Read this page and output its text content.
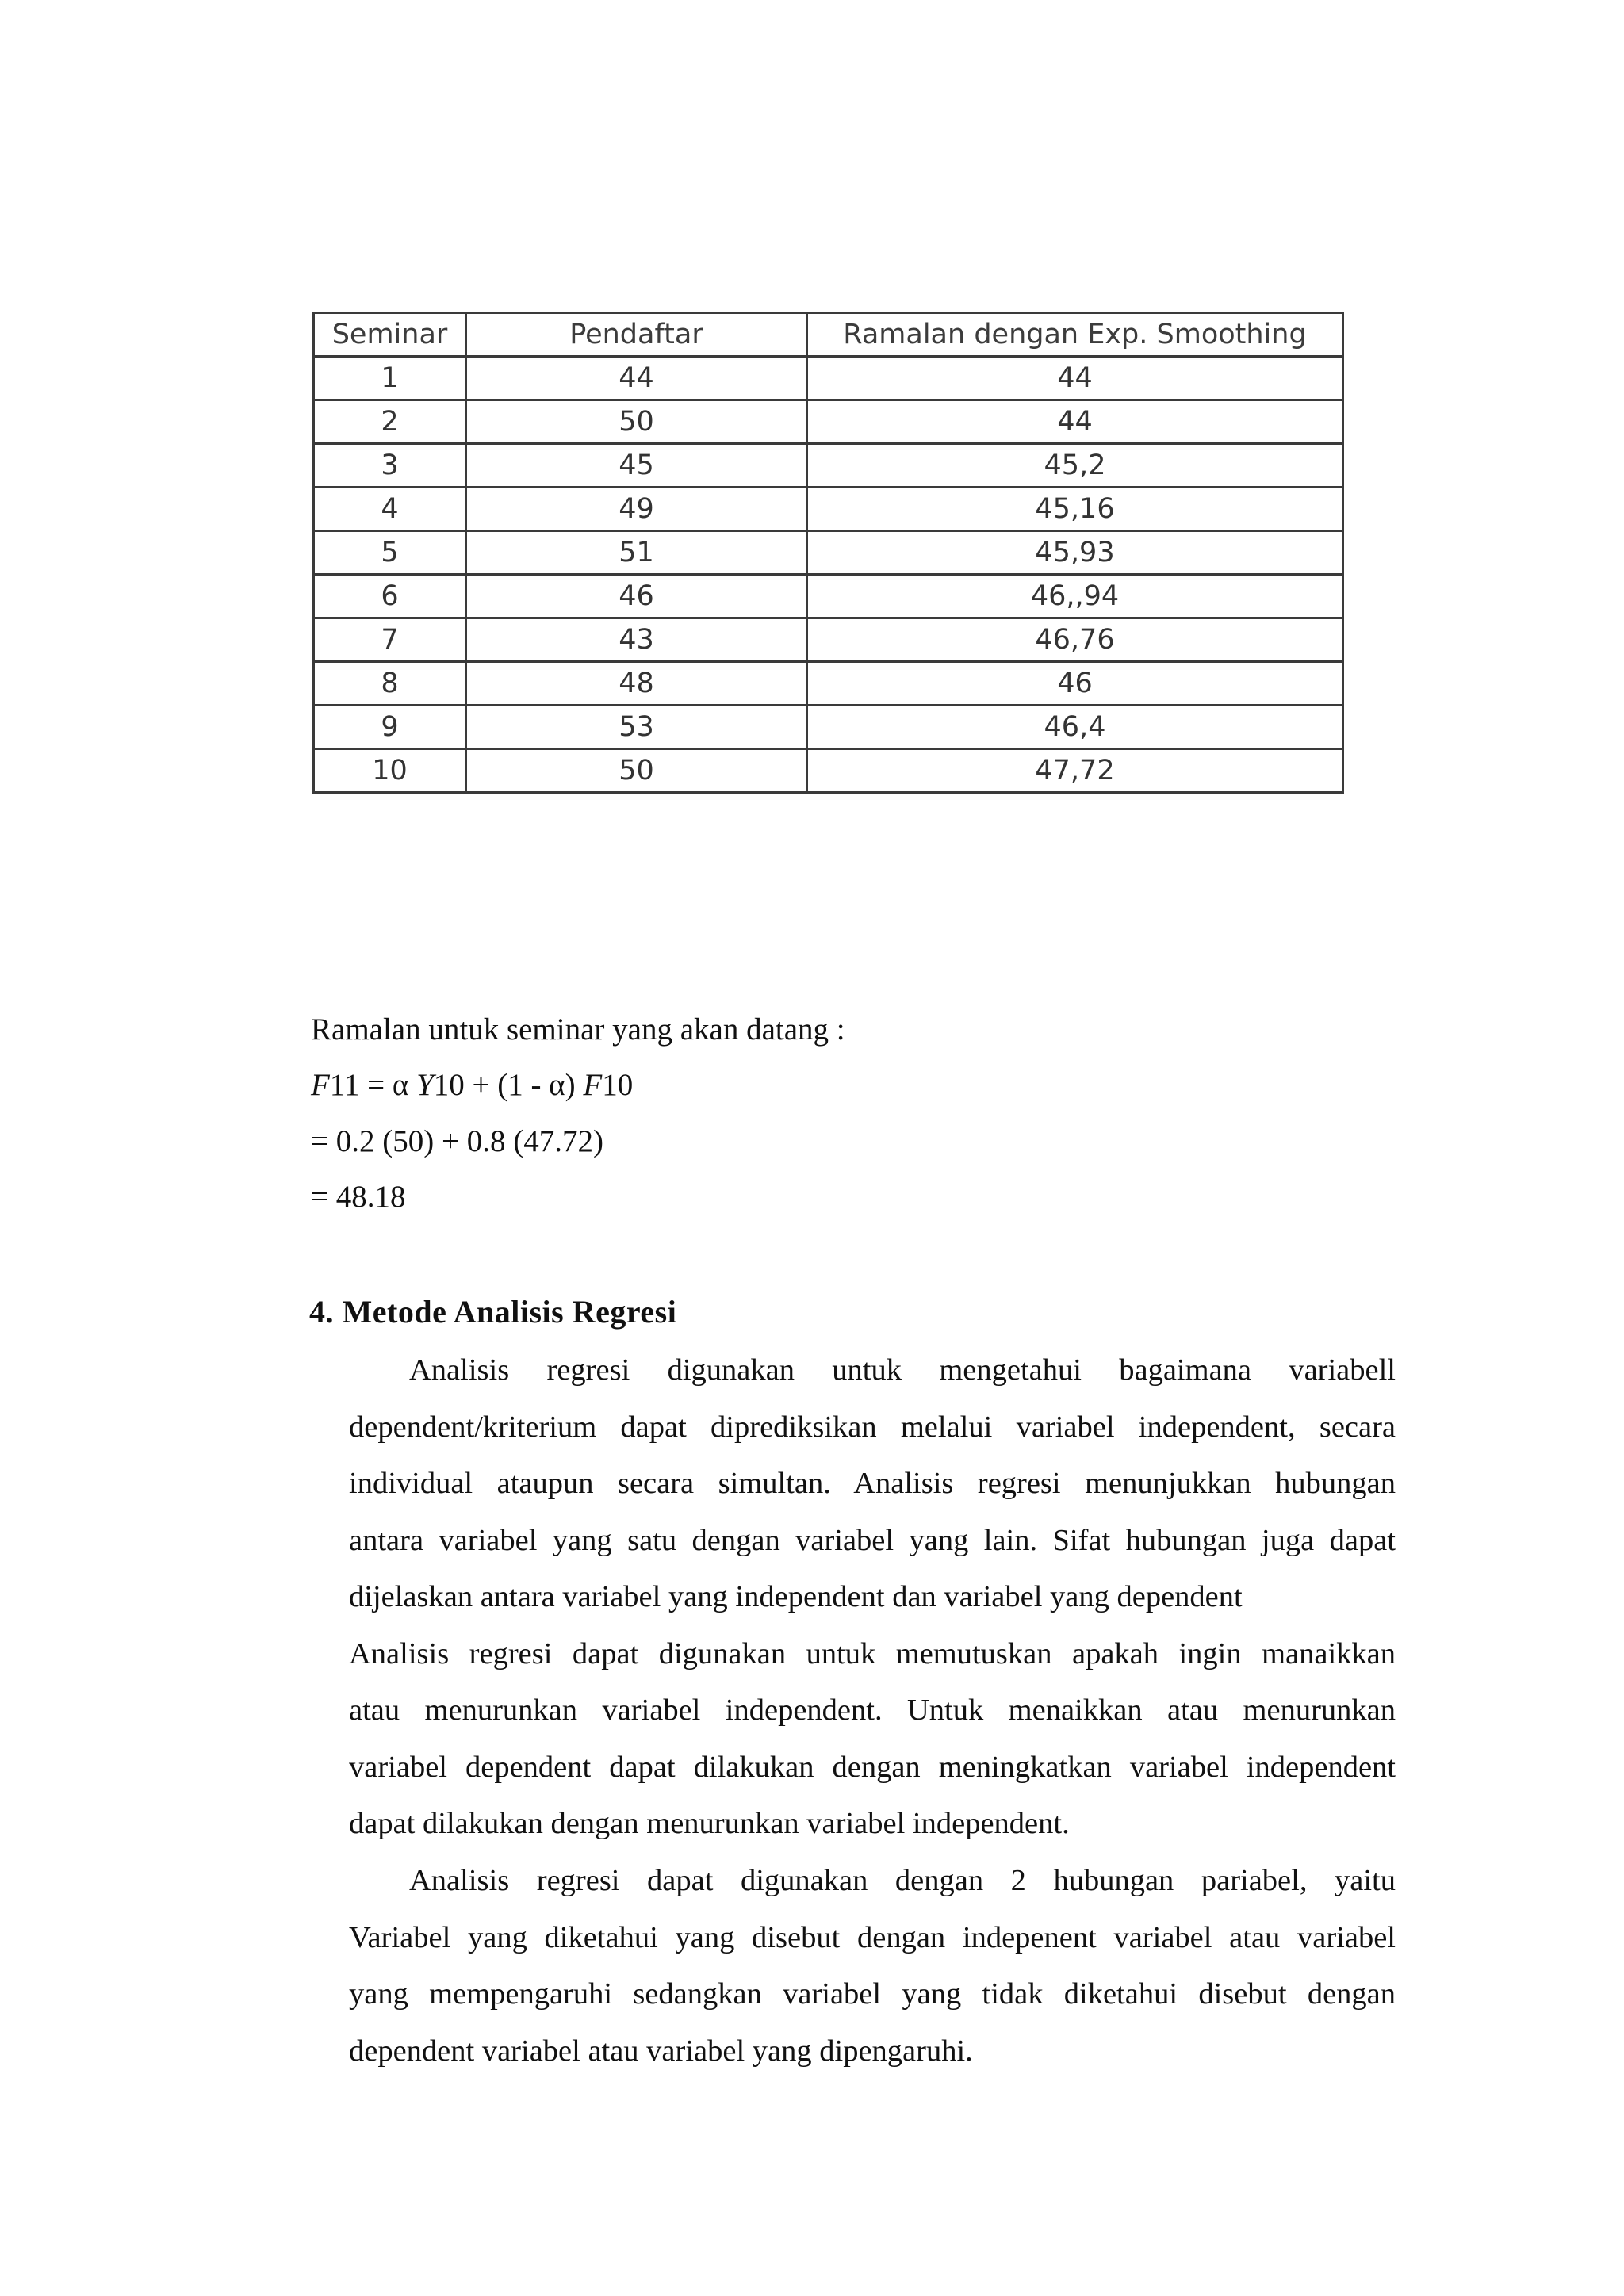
Seminar	Pendaftar	Ramalan dengan Exp. Smoothing
1	44	44
2	50	44
3	45	45,2
4	49	45,16
5	51	45,93
6	46	46,,94
7	43	46,76
8	48	46
9	53	46,4
10	50	47,72
Ramalan untuk seminar yang akan datang :
F11 = α Y10 + (1 - α) F10
= 0.2 (50) + 0.8 (47.72)
= 48.18
4. Metode Analisis Regresi

Analisis regresi digunakan untuk mengetahui bagaimana variabell

dependent/kriterium dapat diprediksikan melalui variabel independent, secara

individual ataupun secara simultan. Analisis regresi menunjukkan hubungan

antara variabel yang satu dengan variabel yang lain. Sifat hubungan juga dapat

dijelaskan antara variabel yang independent dan variabel yang dependent

Analisis regresi dapat digunakan untuk memutuskan apakah ingin manaikkan

atau menurunkan variabel independent. Untuk menaikkan atau menurunkan

variabel dependent dapat dilakukan dengan meningkatkan variabel independent

dapat dilakukan dengan menurunkan variabel independent.

Analisis regresi dapat digunakan dengan 2 hubungan pariabel, yaitu

Variabel yang diketahui yang disebut dengan indepenent variabel atau variabel

yang mempengaruhi sedangkan variabel yang tidak diketahui disebut dengan

dependent variabel atau variabel yang dipengaruhi.
